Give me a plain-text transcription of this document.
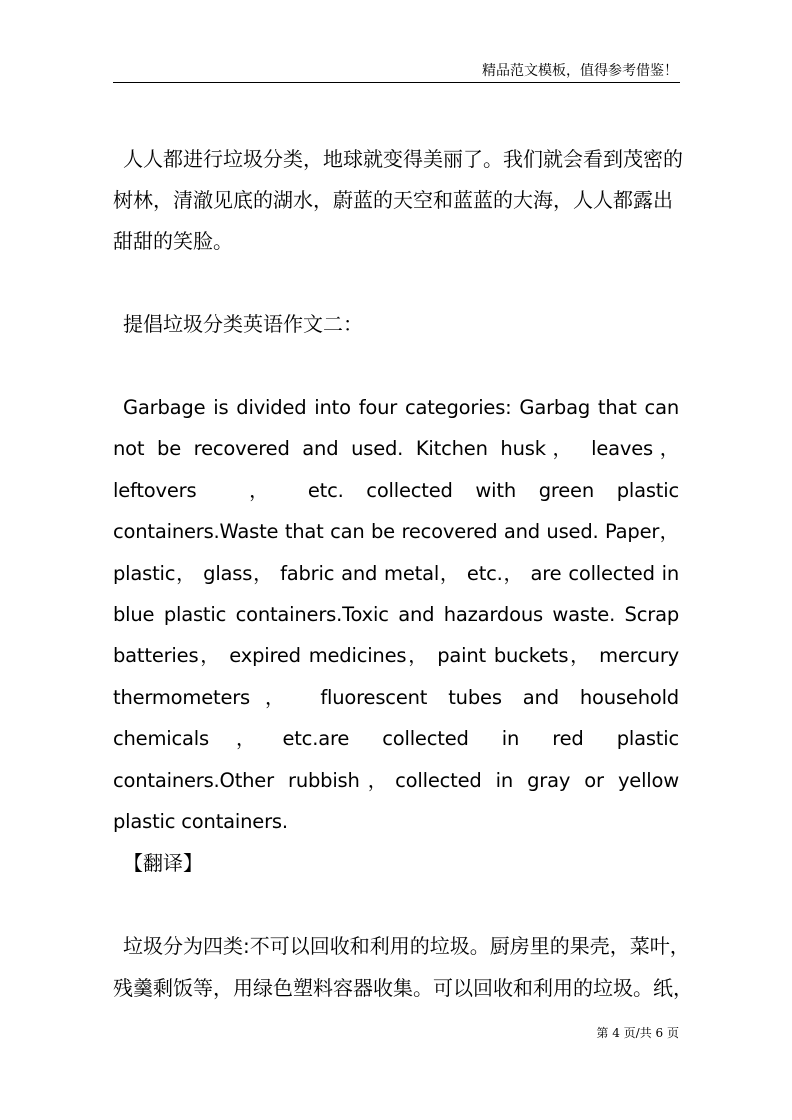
精品范文模板，值得参考借鉴！

人人都进行垃圾分类，地球就变得美丽了。我们就会看到茂密的
树林，清澈见底的湖水，蔚蓝的天空和蓝蓝的大海，人人都露出
甜甜的笑脸。

提倡垃圾分类英语作文二：

Garbage is divided into four categories: Garbag that can not be recovered and used. Kitchen husk， leaves， leftovers　， etc. collected with green plastic containers.Waste that can be recovered and used. Paper， plastic， glass， fabric and metal， etc.， are collected in blue plastic containers.Toxic and hazardous waste. Scrap batteries， expired medicines， paint buckets， mercury thermometers， fluorescent tubes and household chemicals，etc.are collected in red plastic containers.Other rubbish，collected in gray or yellow plastic containers.

【翻译】

垃圾分为四类:不可以回收和利用的垃圾。厨房里的果壳，菜叶，
残羹剩饭等，用绿色塑料容器收集。可以回收和利用的垃圾。纸，

第 4 页/共 6 页
